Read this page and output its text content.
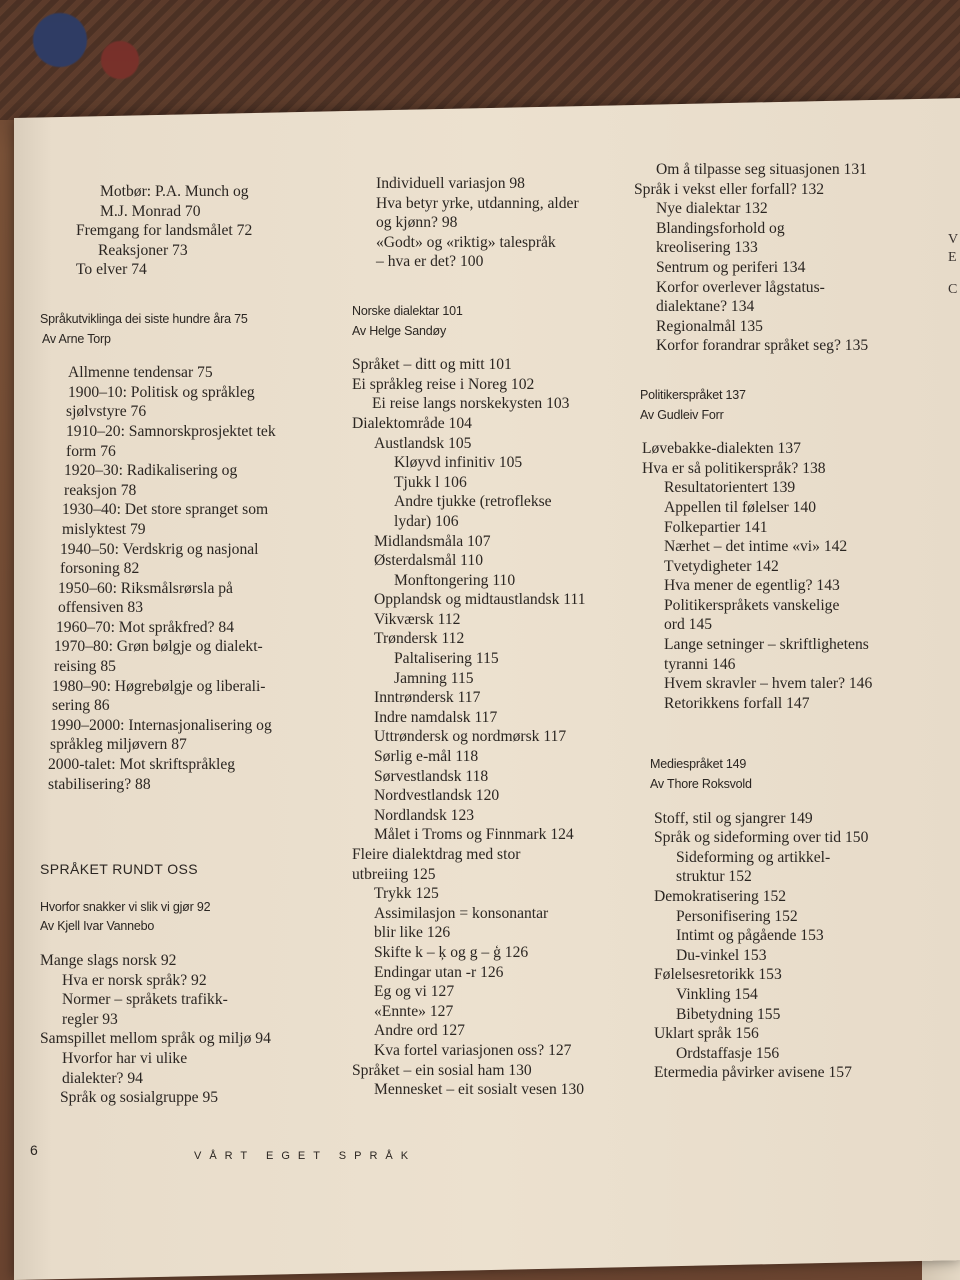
Motbør: P.A. Munch og
M.J. Monrad 70
Fremgang for landsmålet 72
Reaksjoner 73
To elver 74
Språkutviklinga dei siste hundre åra 75
Av Arne Torp
Allmenne tendensar 75
1900–10: Politisk og språkleg
sjølvstyre 76
1910–20: Samnorskprosjektet tek
form 76
1920–30: Radikalisering og
reaksjon 78
1930–40: Det store spranget som
mislyktest 79
1940–50: Verdskrig og nasjonal
forsoning 82
1950–60: Riksmålsrørsla på
offensiven 83
1960–70: Mot språkfred? 84
1970–80: Grøn bølgje og dialekt-
reising 85
1980–90: Høgrebølgje og liberali-
sering 86
1990–2000: Internasjonalisering og
språkleg miljøvern 87
2000-talet: Mot skriftspråkleg
stabilisering? 88
SPRÅKET RUNDT OSS
Hvorfor snakker vi slik vi gjør 92
Av Kjell Ivar Vannebo
Mange slags norsk 92
Hva er norsk språk? 92
Normer – språkets trafikk-
regler 93
Samspillet mellom språk og miljø 94
Hvorfor har vi ulike
dialekter? 94
Språk og sosialgruppe 95
Individuell variasjon 98
Hva betyr yrke, utdanning, alder
og kjønn? 98
«Godt» og «riktig» talespråk
– hva er det? 100
Norske dialektar 101
Av Helge Sandøy
Språket – ditt og mitt 101
Ei språkleg reise i Noreg 102
Ei reise langs norskekysten 103
Dialektområde 104
Austlandsk 105
Kløyvd infinitiv 105
Tjukk l 106
Andre tjukke (retroflekse
lydar) 106
Midlandsmåla 107
Østerdalsmål 110
Monftongering 110
Opplandsk og midtaustlandsk 111
Vikværsk 112
Trøndersk 112
Paltalisering 115
Jamning 115
Inntrøndersk 117
Indre namdalsk 117
Uttrøndersk og nordmørsk 117
Sørlig e-mål 118
Sørvestlandsk 118
Nordvestlandsk 120
Nordlandsk 123
Målet i Troms og Finnmark 124
Fleire dialektdrag med stor
utbreiing 125
Trykk 125
Assimilasjon = konsonantar
blir like 126
Skifte k – ķ og g – ģ 126
Endingar utan -r 126
Eg og vi 127
«Ennte» 127
Andre ord 127
Kva fortel variasjonen oss? 127
Språket – ein sosial ham 130
Mennesket – eit sosialt vesen 130
Om å tilpasse seg situasjonen 131
Språk i vekst eller forfall? 132
Nye dialektar 132
Blandingsforhold og
kreolisering 133
Sentrum og periferi 134
Korfor overlever lågstatus-
dialektane? 134
Regionalmål 135
Korfor forandrar språket seg? 135
Politikerspråket 137
Av Gudleiv Forr
Løvebakke-dialekten 137
Hva er så politikerspråk? 138
Resultatorientert 139
Appellen til følelser 140
Folkepartier 141
Nærhet – det intime «vi» 142
Tvetydigheter 142
Hva mener de egentlig? 143
Politikerspråkets vanskelige
ord 145
Lange setninger – skriftlighetens
tyranni 146
Hvem skravler – hvem taler? 146
Retorikkens forfall 147
Mediespråket 149
Av Thore Roksvold
Stoff, stil og sjangrer 149
Språk og sideforming over tid 150
Sideforming og artikkel-
struktur 152
Demokratisering 152
Personifisering 152
Intimt og pågående 153
Du-vinkel 153
Følelsesretorikk 153
Vinkling 154
Bibetydning 155
Uklart språk 156
Ordstaffasje 156
Etermedia påvirker avisene 157
6	VÅRT EGET SPRÅK
V
E
C
